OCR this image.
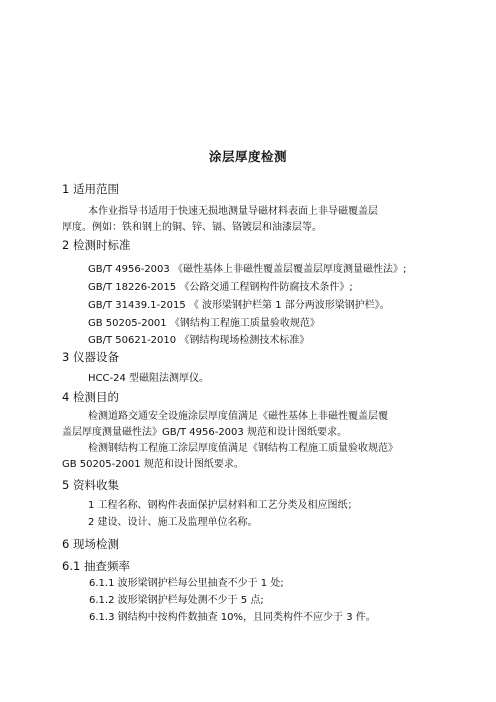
涂层厚度检测
1 适用范围
本作业指导书适用于快速无损地测量导磁材料表面上非导磁覆盖层
厚度。例如：铁和钢上的铜、锌、镉、铬镀层和油漆层等。
2 检测时标准
GB/T 4956-2003 《磁性基体上非磁性覆盖层覆盖层厚度测量磁性法》;
GB/T 18226-2015 《公路交通工程钢构件防腐技术条件》;
GB/T 31439.1-2015 《 波形梁钢护栏第 1 部分两波形梁钢护栏》。
GB 50205-2001 《钢结构工程施工质量验收规范》
GB/T 50621-2010 《钢结构现场检测技术标准》
3 仪器设备
HCC-24 型磁阻法测厚仪。
4 检测目的
检测道路交通安全设施涂层厚度值满足《磁性基体上非磁性覆盖层覆
盖层厚度测量磁性法》GB/T 4956-2003 规范和设计图纸要求。
检测钢结构工程施工涂层厚度值满足《钢结构工程施工质量验收规范》
GB 50205-2001 规范和设计图纸要求。
5 资料收集
1 工程名称、钢构件表面保护层材料和工艺分类及相应图纸；
2 建设、设计、施工及监理单位名称。
6 现场检测
6.1 抽查频率
6.1.1 波形梁钢护栏每公里抽查不少于 1 处;
6.1.2 波形梁钢护栏每处测不少于 5 点;
6.1.3 钢结构中按构件数抽查 10%，且同类构件不应少于 3 件。
